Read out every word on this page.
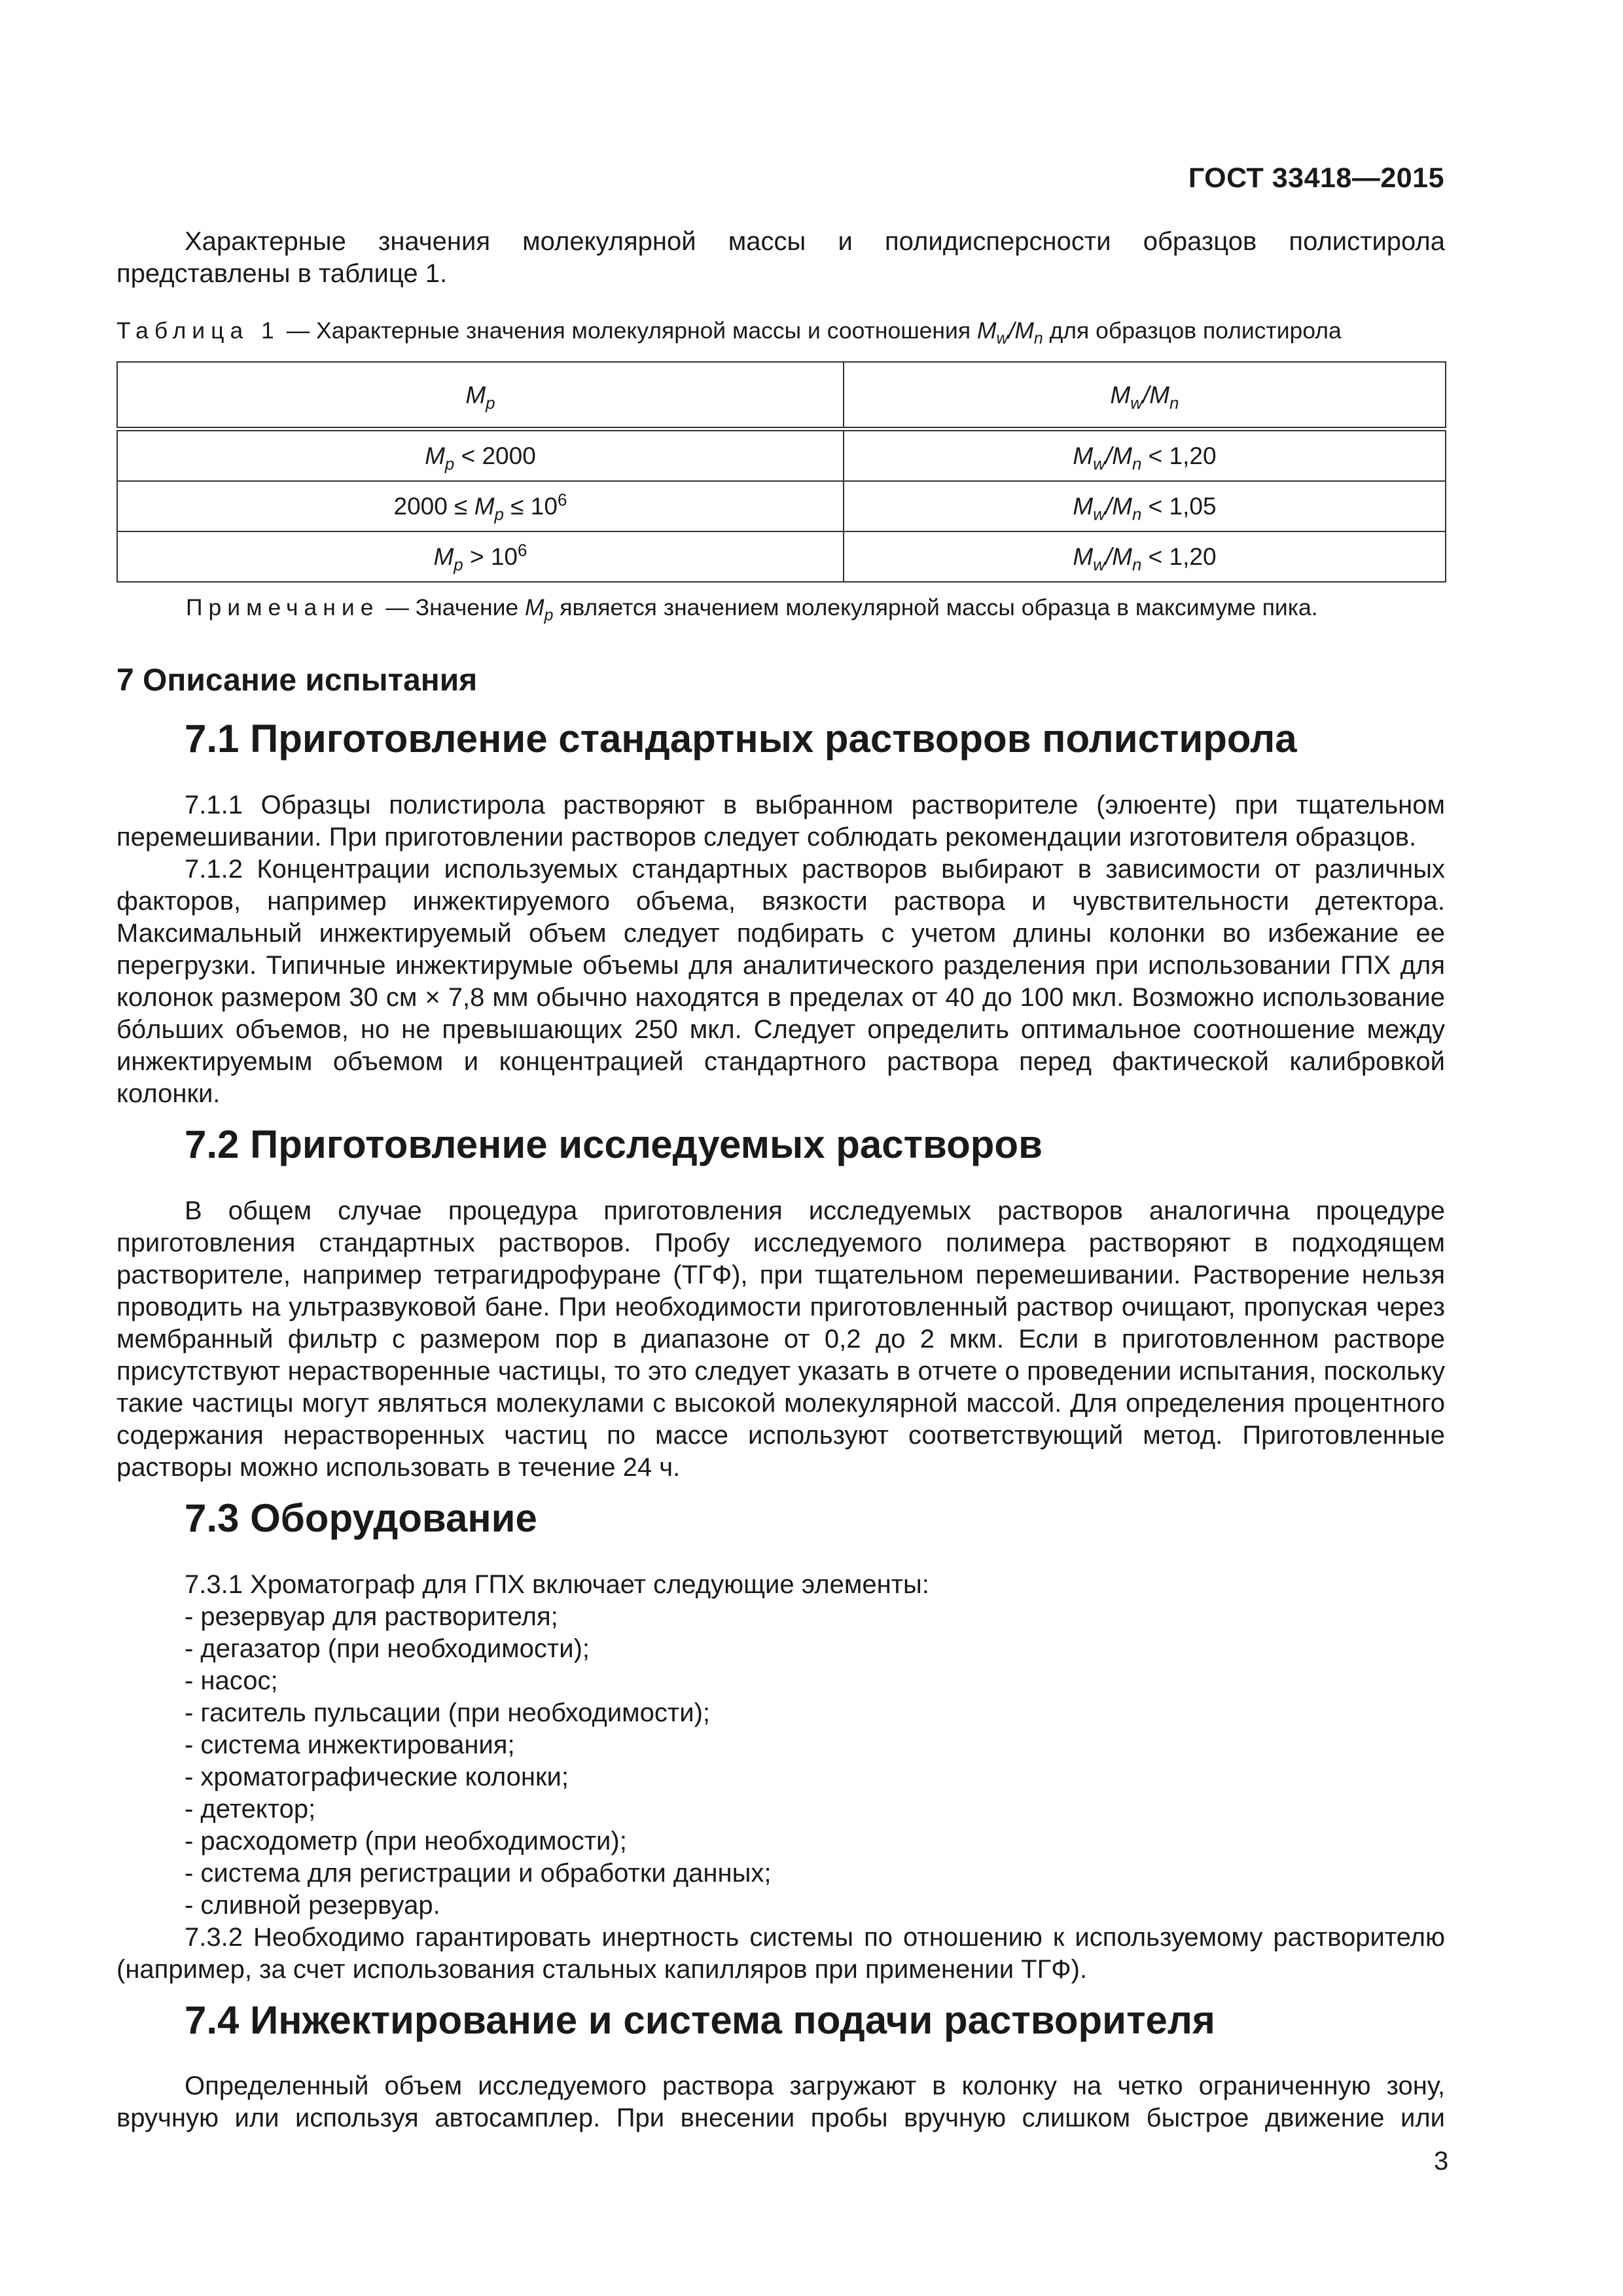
ГОСТ 33418—2015

Характерные значения молекулярной массы и полидисперсности образцов полистирола представлены в таблице 1.

Таблица 1 — Характерные значения молекулярной массы и соотношения $M_w/M_n$ для образцов полистирола

$M_p$	$M_w/M_n$
$M_p < 2000$	$M_w/M_n < 1,20$
$2000 \le M_p \le 10^6$	$M_w/M_n < 1,05$
$M_p > 10^6$	$M_w/M_n < 1,20$

Примечание — Значение $M_p$ является значением молекулярной массы образца в максимуме пика.

7 Описание испытания
7.1 Приготовление стандартных растворов полистирола

7.1.1 Образцы полистирола растворяют в выбранном растворителе (элюенте) при тщательном перемешивании. При приготовлении растворов следует соблюдать рекомендации изготовителя образцов.

7.1.2 Концентрации используемых стандартных растворов выбирают в зависимости от различных факторов, например инжектируемого объема, вязкости раствора и чувствительности детектора. Максимальный инжектируемый объем следует подбирать с учетом длины колонки во избежание ее перегрузки. Типичные инжектирумые объемы для аналитического разделения при использовании ГПХ для колонок размером 30 см × 7,8 мм обычно находятся в пределах от 40 до 100 мкл. Возможно использование бо́льших объемов, но не превышающих 250 мкл. Следует определить оптимальное соотношение между инжектируемым объемом и концентрацией стандартного раствора перед фактической калибровкой колонки.

7.2 Приготовление исследуемых растворов

В общем случае процедура приготовления исследуемых растворов аналогична процедуре приготовления стандартных растворов. Пробу исследуемого полимера растворяют в подходящем растворителе, например тетрагидрофуране (ТГФ), при тщательном перемешивании. Растворение нельзя проводить на ультразвуковой бане. При необходимости приготовленный раствор очищают, пропуская через мембранный фильтр с размером пор в диапазоне от 0,2 до 2 мкм. Если в приготовленном растворе присутствуют нерастворенные частицы, то это следует указать в отчете о проведении испытания, поскольку такие частицы могут являться молекулами с высокой молекулярной массой. Для определения процентного содержания нерастворенных частиц по массе используют соответствующий метод. Приготовленные растворы можно использовать в течение 24 ч.

7.3 Оборудование

7.3.1 Хроматограф для ГПХ включает следующие элементы:

- резервуар для растворителя;

- дегазатор (при необходимости);

- насос;

- гаситель пульсации (при необходимости);

- система инжектирования;

- хроматографические колонки;

- детектор;

- расходометр (при необходимости);

- система для регистрации и обработки данных;

- сливной резервуар.

7.3.2 Необходимо гарантировать инертность системы по отношению к используемому растворителю (например, за счет использования стальных капилляров при применении ТГФ).

7.4 Инжектирование и система подачи растворителя

Определенный объем исследуемого раствора загружают в колонку на четко ограниченную зону, вручную или используя автосамплер. При внесении пробы вручную слишком быстрое движение или

3
